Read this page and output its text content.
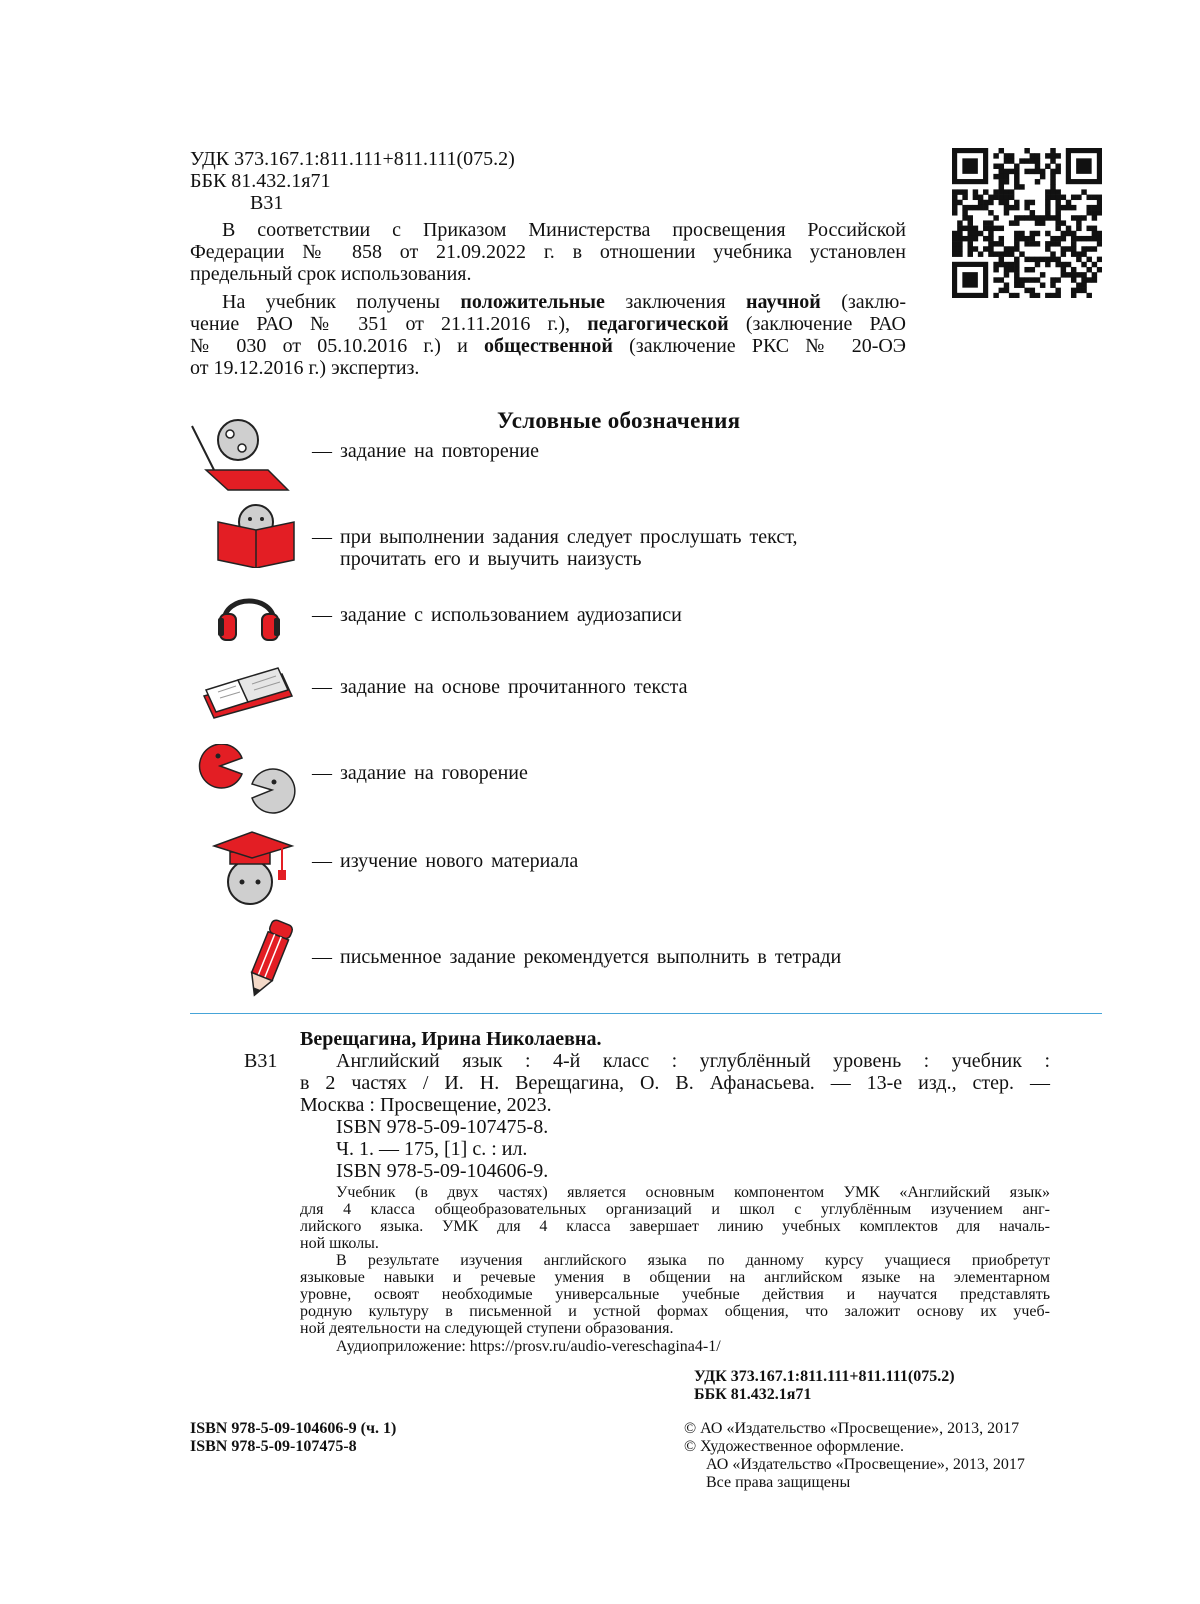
УДК 373.167.1:811.111+811.111(075.2)
ББК 81.432.1я71
В31
В соответствии с Приказом Министерства просвещения Российской
Федерации № 858 от 21.09.2022 г. в отношении учебника установлен
предельный срок использования.
На учебник получены положительные заключения научной (заклю-
чение РАО № 351 от 21.11.2016 г.), педагогической (заключение РАО
№ 030 от 05.10.2016 г.) и общественной (заключение РКС № 20-ОЭ
от 19.12.2016 г.) экспертиз.
Условные обозначения
— задание на повторение
— при выполнении задания следует прослушать текст,
прочитать его и выучить наизусть
— задание с использованием аудиозаписи
— задание на основе прочитанного текста
— задание на говорение
— изучение нового материала
— письменное задание рекомендуется выполнить в тетради
Верещагина, Ирина Николаевна.
В31	Английский язык : 4-й класс : углублённый уровень : учебник :
в 2 частях / И. Н. Верещагина, О. В. Афанасьева. — 13-е изд., стер. —
Москва : Просвещение, 2023.
ISBN 978-5-09-107475-8.
Ч. 1. — 175, [1] с. : ил.
ISBN 978-5-09-104606-9.
Учебник (в двух частях) является основным компонентом УМК «Английский язык»
для 4 класса общеобразовательных организаций и школ с углублённым изучением анг-
лийского языка. УМК для 4 класса завершает линию учебных комплектов для началь-
ной школы.
В результате изучения английского языка по данному курсу учащиеся приобретут
языковые навыки и речевые умения в общении на английском языке на элементарном
уровне, освоят необходимые универсальные учебные действия и научатся представлять
родную культуру в письменной и устной формах общения, что заложит основу их учеб-
ной деятельности на следующей ступени образования.
Аудиоприложение: https://prosv.ru/audio-vereschagina4-1/
УДК 373.167.1:811.111+811.111(075.2)
ББК 81.432.1я71
ISBN 978-5-09-104606-9 (ч. 1)
ISBN 978-5-09-107475-8
© АО «Издательство «Просвещение», 2013, 2017
© Художественное оформление.
АО «Издательство «Просвещение», 2013, 2017
Все права защищены
